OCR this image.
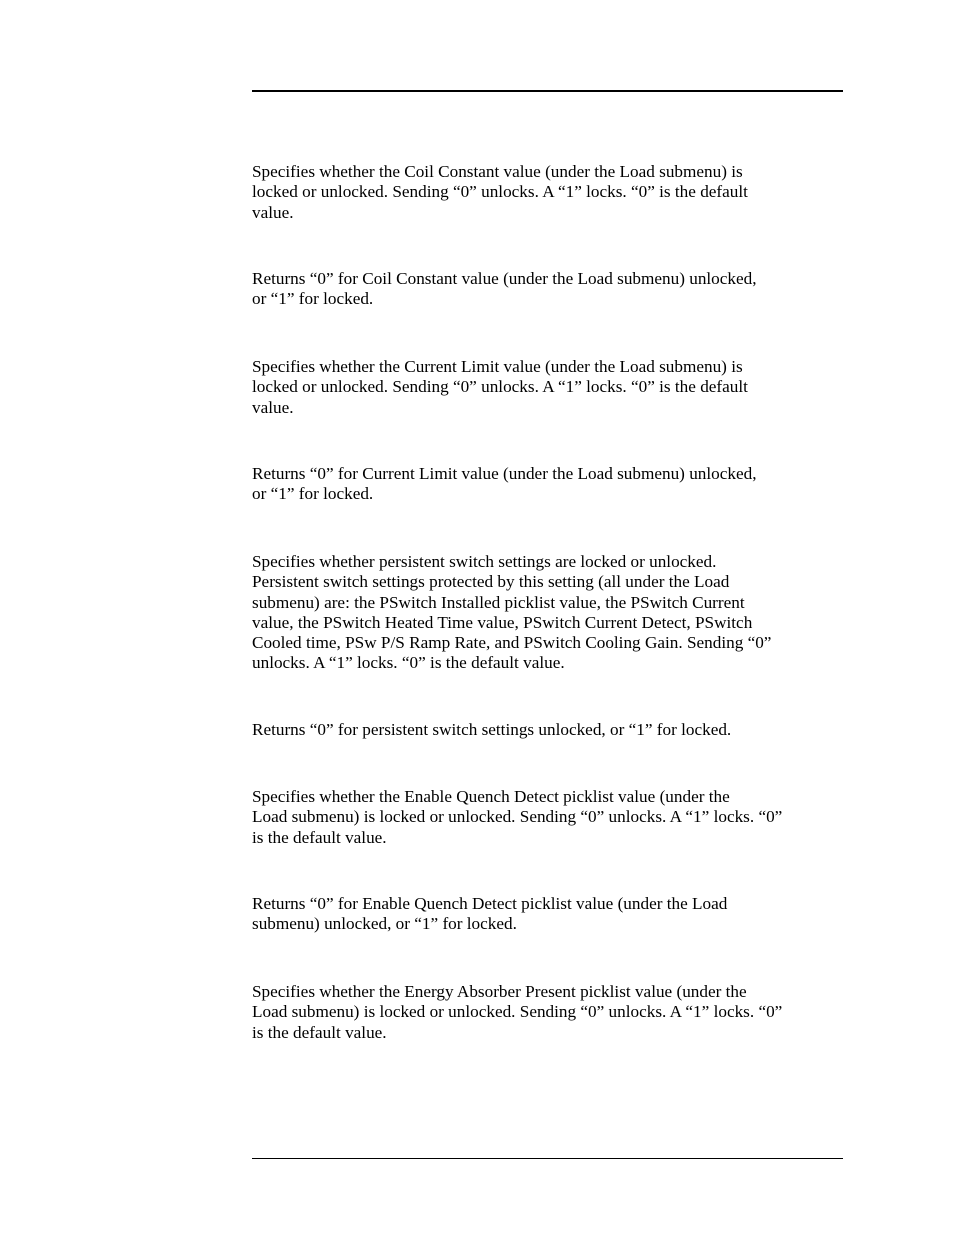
Specifies whether the Coil Constant value (under the Load submenu) is
locked or unlocked. Sending “0” unlocks. A “1” locks. “0” is the default
value.

Returns “0” for Coil Constant value (under the Load submenu) unlocked,
or “1” for locked.

Specifies whether the Current Limit value (under the Load submenu) is
locked or unlocked. Sending “0” unlocks. A “1” locks. “0” is the default
value.

Returns “0” for Current Limit value (under the Load submenu) unlocked,
or “1” for locked.

Specifies whether persistent switch settings are locked or unlocked.
Persistent switch settings protected by this setting (all under the Load
submenu) are: the PSwitch Installed picklist value, the PSwitch Current
value, the PSwitch Heated Time value, PSwitch Current Detect, PSwitch
Cooled time, PSw P/S Ramp Rate, and PSwitch Cooling Gain. Sending “0”
unlocks. A “1” locks. “0” is the default value.

Returns “0” for persistent switch settings unlocked, or “1” for locked.

Specifies whether the Enable Quench Detect picklist value (under the
Load submenu) is locked or unlocked. Sending “0” unlocks. A “1” locks. “0”
is the default value.

Returns “0” for Enable Quench Detect picklist value (under the Load
submenu) unlocked, or “1” for locked.

Specifies whether the Energy Absorber Present picklist value (under the
Load submenu) is locked or unlocked. Sending “0” unlocks. A “1” locks. “0”
is the default value.
